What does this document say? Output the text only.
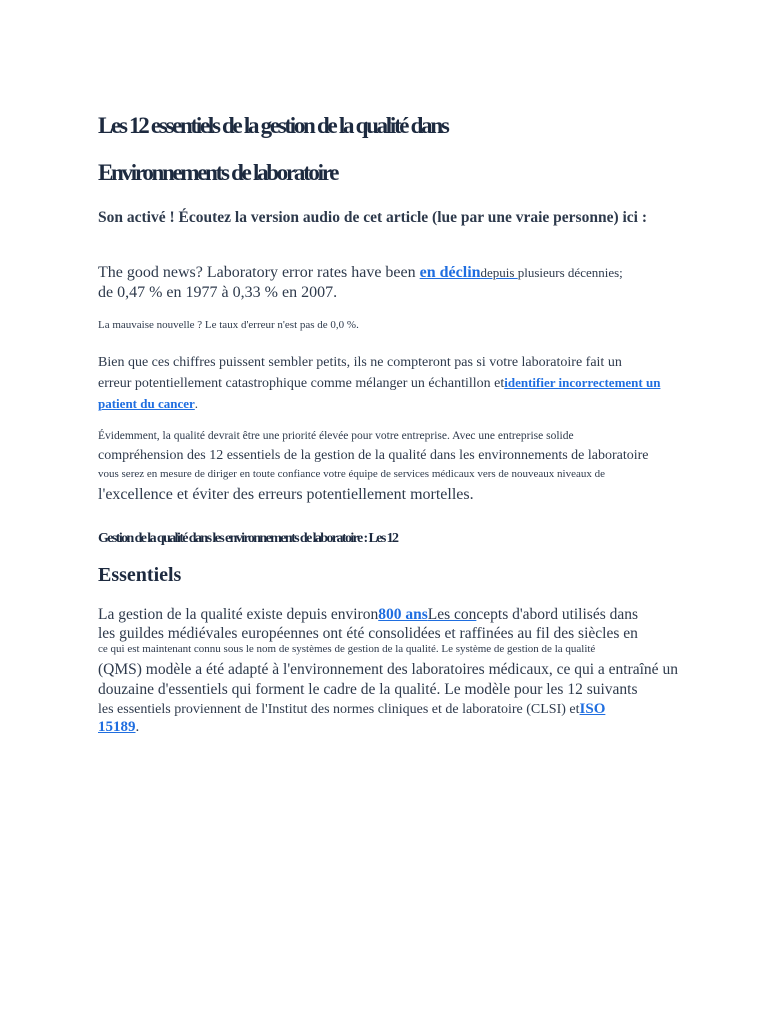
Les 12 essentiels de la gestion de la qualité dans
Environnements de laboratoire
Son activé ! Écoutez la version audio de cet article (lue par une vraie personne) ici :
The good news? Laboratory error rates have been en déclindepuis plusieurs décennies;
de 0,47 % en 1977 à 0,33 % en 2007.
La mauvaise nouvelle ? Le taux d'erreur n'est pas de 0,0 %.
Bien que ces chiffres puissent sembler petits, ils ne compteront pas si votre laboratoire fait un
erreur potentiellement catastrophique comme mélanger un échantillon etidentifier incorrectement un
patient du cancer.
Évidemment, la qualité devrait être une priorité élevée pour votre entreprise. Avec une entreprise solide
compréhension des 12 essentiels de la gestion de la qualité dans les environnements de laboratoire
vous serez en mesure de diriger en toute confiance votre équipe de services médicaux vers de nouveaux niveaux de
l'excellence et éviter des erreurs potentiellement mortelles.
Gestion de la qualité dans les environnements de laboratoire : Les 12
Essentiels
La gestion de la qualité existe depuis environ800 ansLes concepts d'abord utilisés dans
les guildes médiévales européennes ont été consolidées et raffinées au fil des siècles en
ce qui est maintenant connu sous le nom de systèmes de gestion de la qualité. Le système de gestion de la qualité
(QMS) modèle a été adapté à l'environnement des laboratoires médicaux, ce qui a entraîné un
douzaine d'essentiels qui forment le cadre de la qualité. Le modèle pour les 12 suivants
les essentiels proviennent de l'Institut des normes cliniques et de laboratoire (CLSI) etISO
15189.
